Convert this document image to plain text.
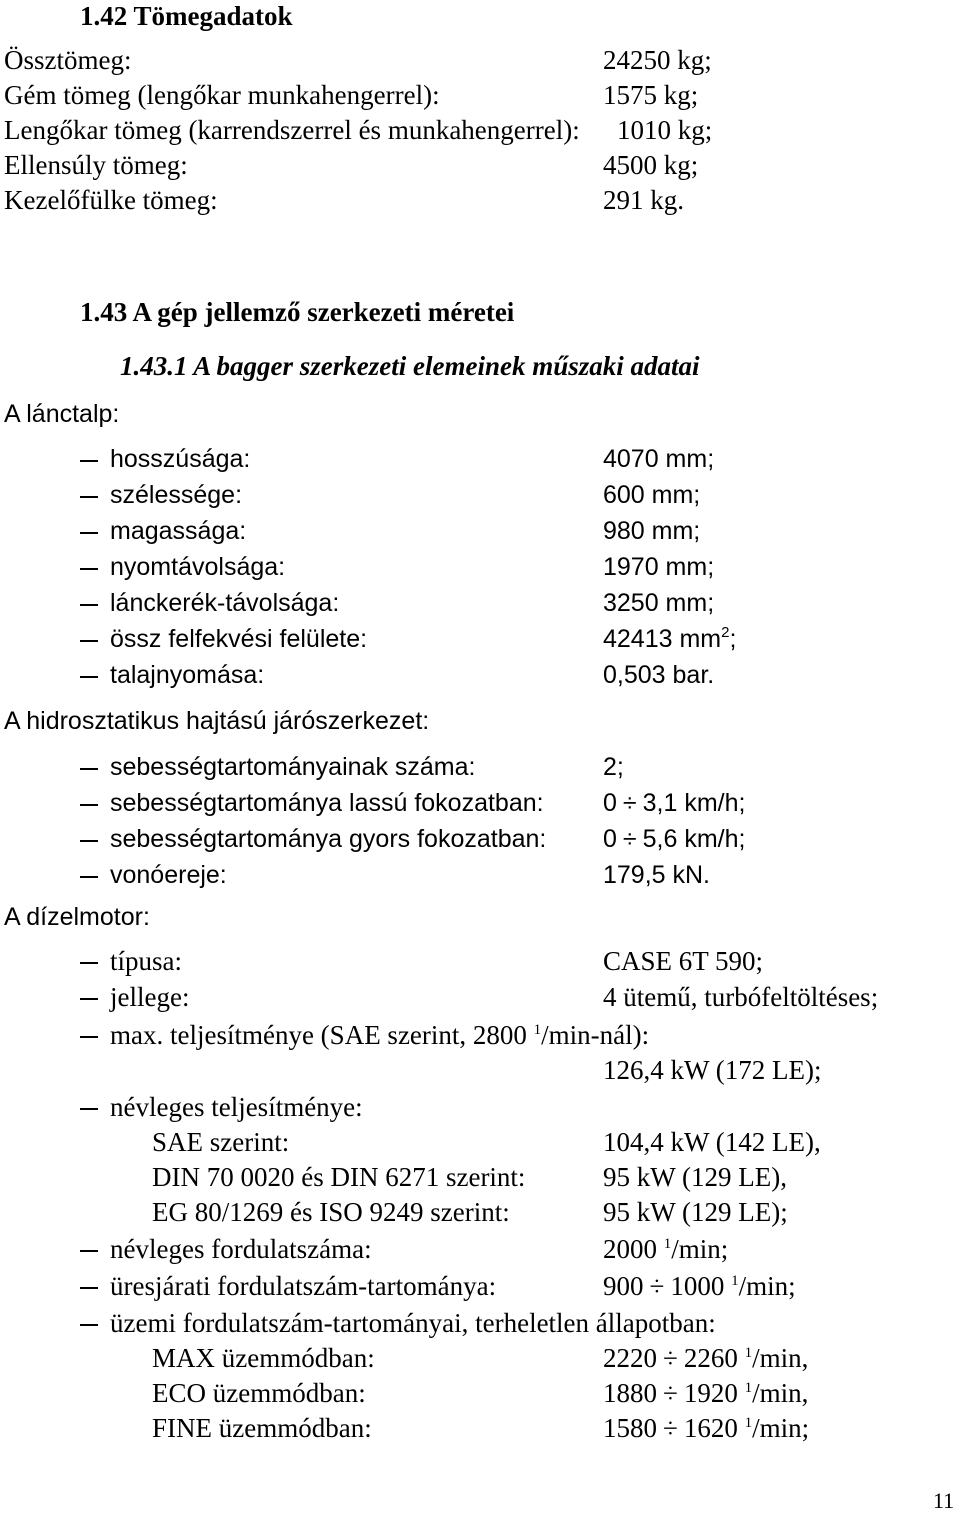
1.42 Tömegadatok
Össztömeg:	24250 kg;
Gém tömeg (lengőkar munkahengerrel):	1575 kg;
Lengőkar tömeg (karrendszerrel és munkahengerrel): 1010 kg;
Ellensúly tömeg:	4500 kg;
Kezelőfülke tömeg:	291 kg.
1.43 A gép jellemző szerkezeti méretei
1.43.1 A bagger szerkezeti elemeinek műszaki adatai
A lánctalp:
hosszúsága:	4070 mm;
szélessége:	600 mm;
magassága:	980 mm;
nyomtávolsága:	1970 mm;
lánckerék-távolsága:	3250 mm;
össz felfekvési felülete:	42413 $mm^2$;
talajnyomása:	0,503 bar.
A hidrosztatikus hajtású járószerkezet:
sebességtartományainak száma:	2;
sebességtartománya lassú fokozatban: 0 ÷ 3,1 km/h;
sebességtartománya gyors fokozatban: 0 ÷ 5,6 km/h;
vonóereje:	179,5 kN.
A dízelmotor:
típusa:	CASE 6T 590;
jellege:	4 ütemű, turbófeltöltéses;
max. teljesítménye (SAE szerint, 2800 $^1$/min-nál):
126,4 kW (172 LE);
névleges teljesítménye:
SAE szerint:	104,4 kW (142 LE),
DIN 70 0020 és DIN 6271 szerint:	95 kW (129 LE),
EG 80/1269 és ISO 9249 szerint:	95 kW (129 LE);
névleges fordulatszáma:	2000 $^1$/min;
üresjárati fordulatszám-tartománya:	900 ÷ 1000 $^1$/min;
üzemi fordulatszám-tartományai, terheletlen állapotban:
MAX üzemmódban:	2220 ÷ 2260 $^1$/min,
ECO üzemmódban:	1880 ÷ 1920 $^1$/min,
FINE üzemmódban:	1580 ÷ 1620 $^1$/min;
11
